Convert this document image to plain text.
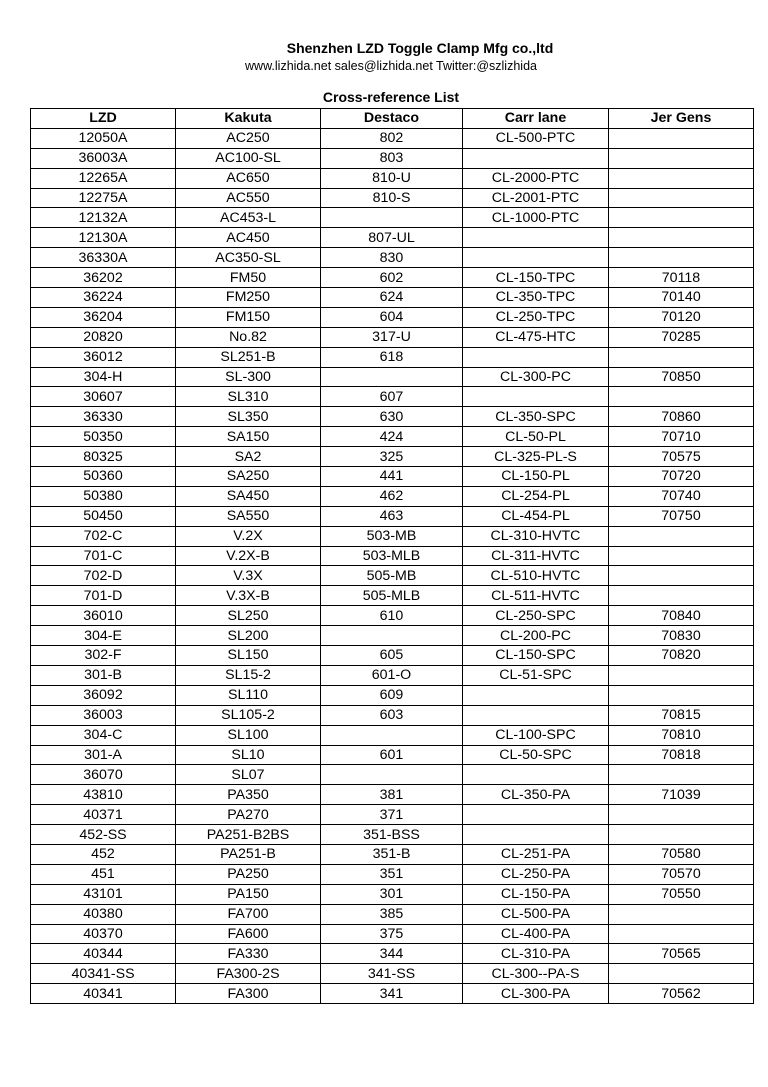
Shenzhen LZD Toggle Clamp Mfg co.,ltd
www.lizhida.net sales@lizhida.net Twitter:@szlizhida
Cross-reference List
LZD	Kakuta	Destaco	Carr lane	Jer Gens
12050A	AC250	802	CL-500-PTC	
36003A	AC100-SL	803		
12265A	AC650	810-U	CL-2000-PTC	
12275A	AC550	810-S	CL-2001-PTC	
12132A	AC453-L		CL-1000-PTC	
12130A	AC450	807-UL		
36330A	AC350-SL	830		
36202	FM50	602	CL-150-TPC	70118
36224	FM250	624	CL-350-TPC	70140
36204	FM150	604	CL-250-TPC	70120
20820	No.82	317-U	CL-475-HTC	70285
36012	SL251-B	618		
304-H	SL-300		CL-300-PC	70850
30607	SL310	607		
36330	SL350	630	CL-350-SPC	70860
50350	SA150	424	CL-50-PL	70710
80325	SA2	325	CL-325-PL-S	70575
50360	SA250	441	CL-150-PL	70720
50380	SA450	462	CL-254-PL	70740
50450	SA550	463	CL-454-PL	70750
702-C	V.2X	503-MB	CL-310-HVTC	
701-C	V.2X-B	503-MLB	CL-311-HVTC	
702-D	V.3X	505-MB	CL-510-HVTC	
701-D	V.3X-B	505-MLB	CL-511-HVTC	
36010	SL250	610	CL-250-SPC	70840
304-E	SL200		CL-200-PC	70830
302-F	SL150	605	CL-150-SPC	70820
301-B	SL15-2	601-O	CL-51-SPC	
36092	SL110	609		
36003	SL105-2	603		70815
304-C	SL100		CL-100-SPC	70810
301-A	SL10	601	CL-50-SPC	70818
36070	SL07			
43810	PA350	381	CL-350-PA	71039
40371	PA270	371		
452-SS	PA251-B2BS	351-BSS		
452	PA251-B	351-B	CL-251-PA	70580
451	PA250	351	CL-250-PA	70570
43101	PA150	301	CL-150-PA	70550
40380	FA700	385	CL-500-PA	
40370	FA600	375	CL-400-PA	
40344	FA330	344	CL-310-PA	70565
40341-SS	FA300-2S	341-SS	CL-300--PA-S	
40341	FA300	341	CL-300-PA	70562
